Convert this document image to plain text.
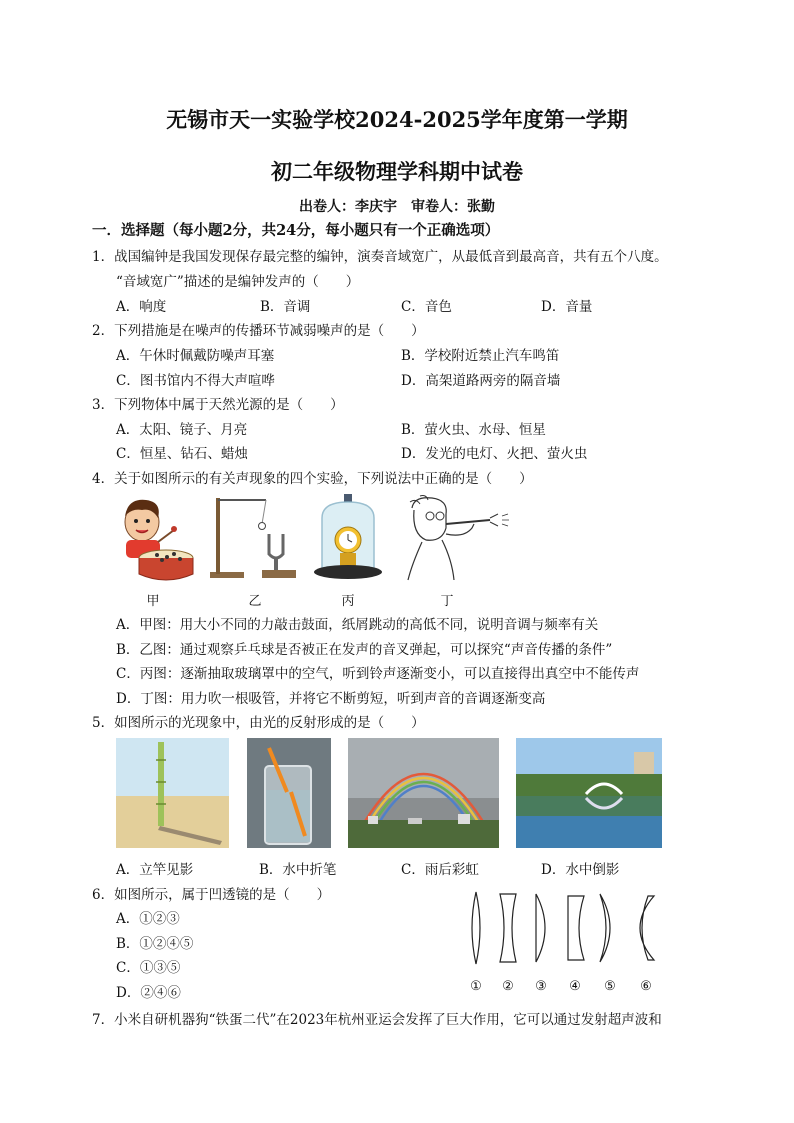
无锡市天一实验学校2024-2025学年度第一学期
初二年级物理学科期中试卷
出卷人：李庆宇　审卷人：张勤
一．选择题（每小题2分，共24分，每小题只有一个正确选项）
1．战国编钟是我国发现保存最完整的编钟，演奏音域宽广，从最低音到最高音，共有五个八度。
“音域宽广”描述的是编钟发声的（　　）
A．响度	B．音调	C．音色	D．音量
2．下列措施是在噪声的传播环节减弱噪声的是（　　）
A．午休时佩戴防噪声耳塞	B．学校附近禁止汽车鸣笛
C．图书馆内不得大声喧哗	D．高架道路两旁的隔音墙
3．下列物体中属于天然光源的是（　　）
A．太阳、镜子、月亮	B．萤火虫、水母、恒星
C．恒星、钻石、蜡烛	D．发光的电灯、火把、萤火虫
4．关于如图所示的有关声现象的四个实验，下列说法中正确的是（　　）
甲	乙	丙	丁
A．甲图：用大小不同的力敲击鼓面，纸屑跳动的高低不同，说明音调与频率有关
B．乙图：通过观察乒乓球是否被正在发声的音叉弹起，可以探究“声音传播的条件”
C．丙图：逐渐抽取玻璃罩中的空气，听到铃声逐渐变小，可以直接得出真空中不能传声
D．丁图：用力吹一根吸管，并将它不断剪短，听到声音的音调逐渐变高
5．如图所示的光现象中，由光的反射形成的是（　　）
A．立竿见影	B．水中折笔	C．雨后彩虹	D．水中倒影
6．如图所示，属于凹透镜的是（　　）
A．①②③
B．①②④⑤
C．①③⑤
D．②④⑥	①	②	③	④	⑤	⑥
7．小米自研机器狗“铁蛋二代”在2023年杭州亚运会发挥了巨大作用，它可以通过发射超声波和
